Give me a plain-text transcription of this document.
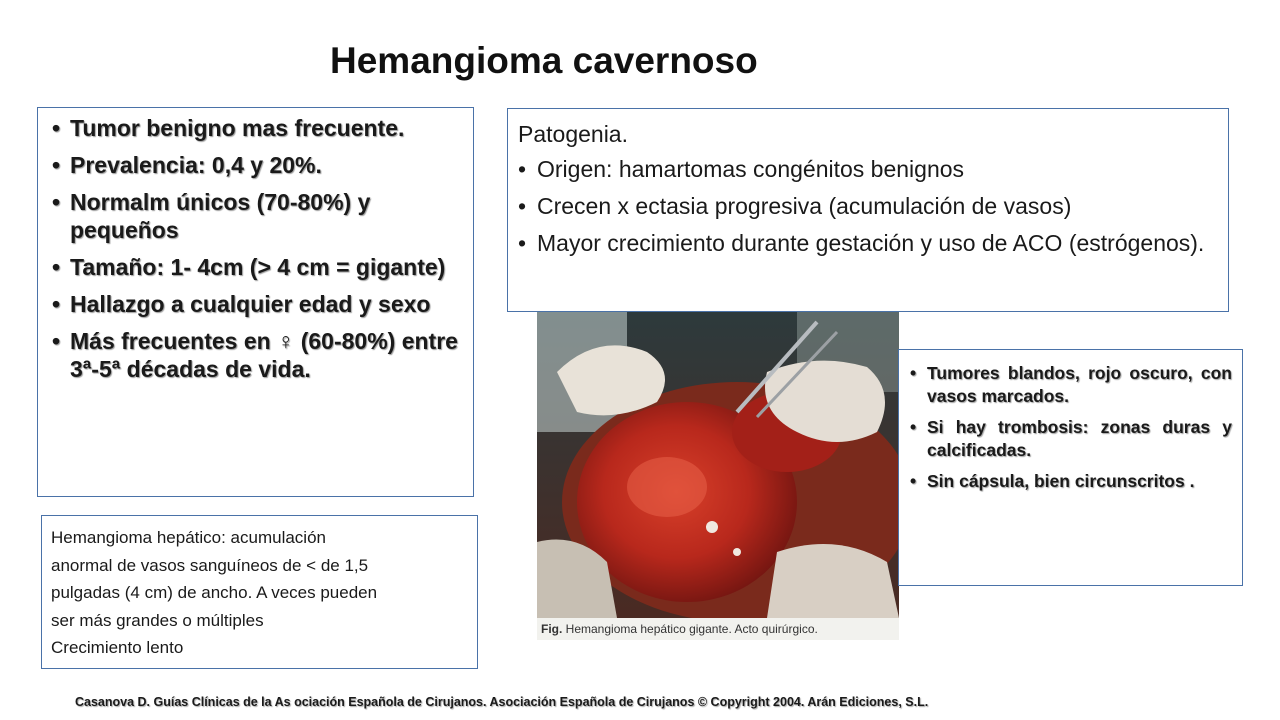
Hemangioma cavernoso
• Tumor benigno mas frecuente.
• Prevalencia: 0,4 y 20%.
• Normalm únicos (70-80%) y pequeños
• Tamaño: 1- 4cm (> 4 cm = gigante)
• Hallazgo a cualquier edad y sexo
• Más frecuentes en ♀ (60-80%) entre 3ª-5ª décadas de vida.
Patogenia.
• Origen: hamartomas congénitos benignos
• Crecen x ectasia progresiva (acumulación de vasos)
• Mayor crecimiento durante gestación y uso de ACO (estrógenos).
Fig. Hemangioma hepático gigante. Acto quirúrgico.
• Tumores blandos, rojo oscuro, con vasos marcados.
• Si hay trombosis: zonas duras y calcificadas.
• Sin cápsula, bien circunscritos .
Hemangioma hepático: acumulación
anormal de vasos sanguíneos de < de 1,5
pulgadas (4 cm) de ancho. A veces pueden
ser más grandes o múltiples
Crecimiento lento
Casanova D. Guías Clínicas de la As ociación Española de Cirujanos. Asociación Española de Cirujanos © Copyright 2004. Arán Ediciones, S.L.
